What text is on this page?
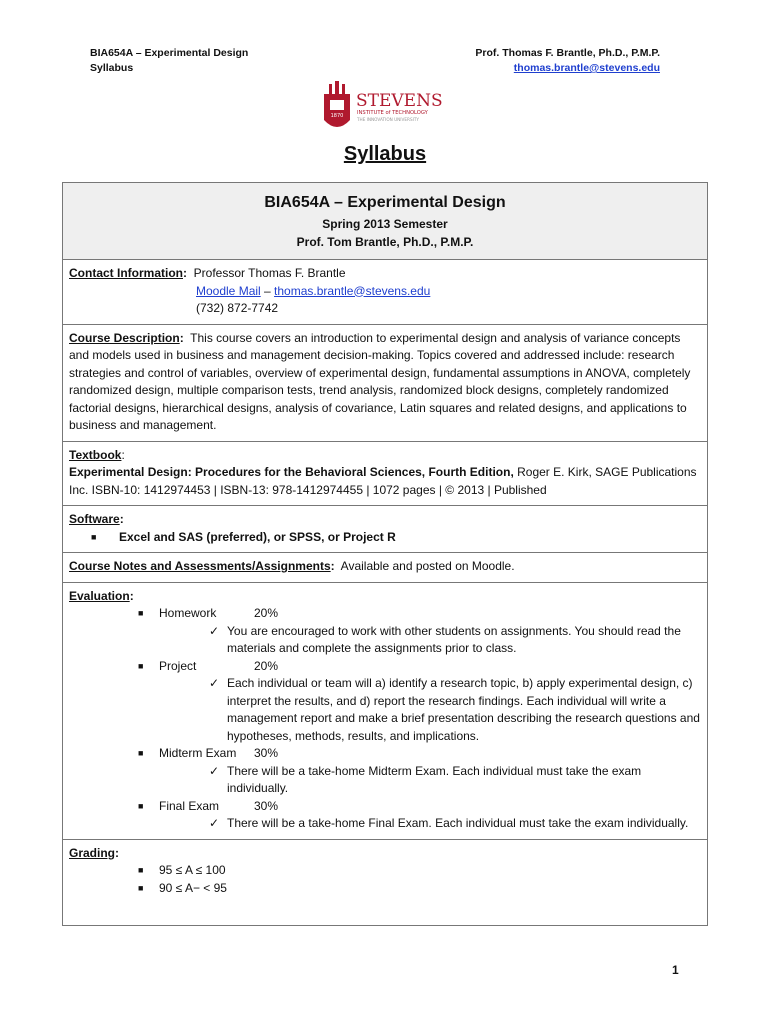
BIA654A – Experimental Design
Syllabus
Prof. Thomas F. Brantle, Ph.D., P.M.P.
thomas.brantle@stevens.edu
1870
STEVENS
INSTITUTE of TECHNOLOGY
THE INNOVATION UNIVERSITY
Syllabus
BIA654A – Experimental Design
Spring 2013 Semester
Prof. Tom Brantle, Ph.D., P.M.P.
Contact Information: Professor Thomas F. Brantle
Moodle Mail – thomas.brantle@stevens.edu
(732) 872-7742
Course Description: This course covers an introduction to experimental design and analysis of variance concepts and models used in business and management decision-making. Topics covered and addressed include: research strategies and control of variables, overview of experimental design, fundamental assumptions in ANOVA, completely randomized design, multiple comparison tests, trend analysis, randomized block designs, completely randomized factorial designs, hierarchical designs, analysis of covariance, Latin squares and related designs, and applications to business and management.
Textbook:
Experimental Design: Procedures for the Behavioral Sciences, Fourth Edition, Roger E. Kirk, SAGE Publications Inc. ISBN-10: 1412974453 | ISBN-13: 978-1412974455 | 1072 pages | © 2013 | Published
Software:
■ Excel and SAS (preferred), or SPSS, or Project R
Course Notes and Assessments/Assignments: Available and posted on Moodle.
Evaluation:
■ Homework	20%
✓ You are encouraged to work with other students on assignments. You should read the materials and complete the assignments prior to class.
■ Project	20%
✓ Each individual or team will a) identify a research topic, b) apply experimental design, c) interpret the results, and d) report the research findings. Each individual will write a management report and make a brief presentation describing the research questions and hypotheses, methods, results, and implications.
■ Midterm Exam 30%
✓ There will be a take-home Midterm Exam. Each individual must take the exam individually.
■ Final Exam	30%
✓ There will be a take-home Final Exam. Each individual must take the exam individually.
Grading:
■ 95 ≤ A ≤ 100
■ 90 ≤ A− < 95
1
